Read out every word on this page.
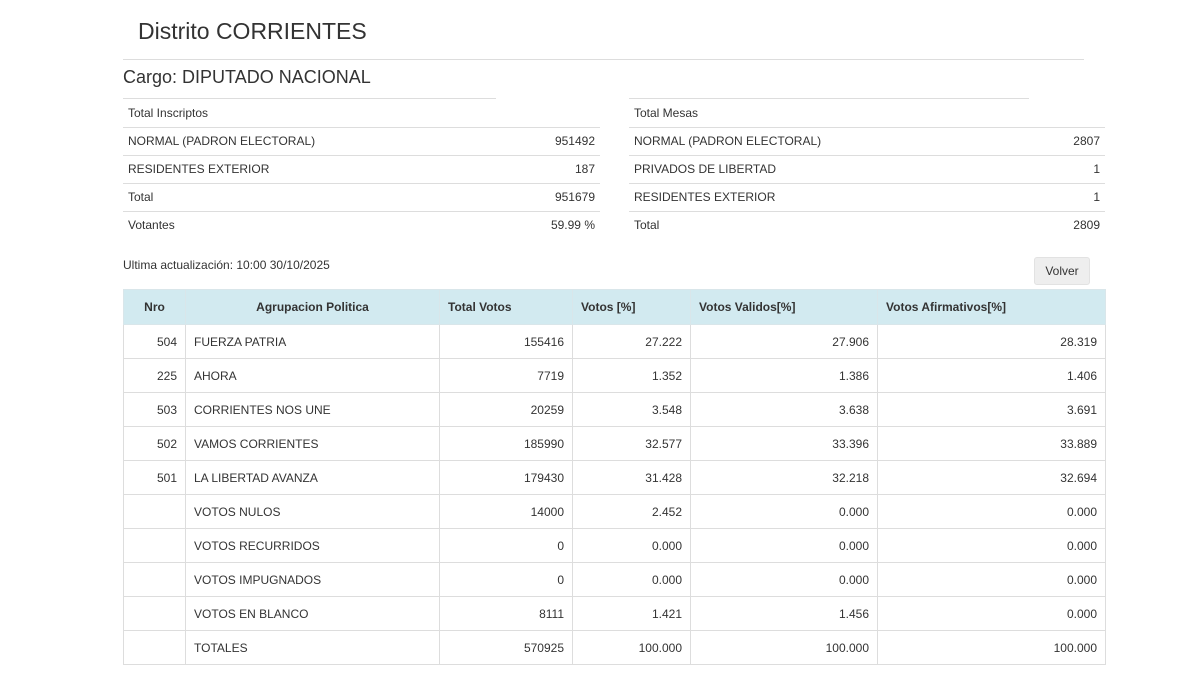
Distrito CORRIENTES
Cargo: DIPUTADO NACIONAL
Total Inscriptos
NORMAL (PADRON ELECTORAL)	951492
RESIDENTES EXTERIOR	187
Total	951679
Votantes	59.99 %
Total Mesas
NORMAL (PADRON ELECTORAL)	2807
PRIVADOS DE LIBERTAD	1
RESIDENTES EXTERIOR	1
Total	2809
Ultima actualización: 10:00 30/10/2025	Volver
Nro	Agrupacion Politica	Total Votos	Votos [%]	Votos Validos[%]	Votos Afirmativos[%]
504	FUERZA PATRIA	155416	27.222	27.906	28.319
225	AHORA	7719	1.352	1.386	1.406
503	CORRIENTES NOS UNE	20259	3.548	3.638	3.691
502	VAMOS CORRIENTES	185990	32.577	33.396	33.889
501	LA LIBERTAD AVANZA	179430	31.428	32.218	32.694
	VOTOS NULOS	14000	2.452	0.000	0.000
	VOTOS RECURRIDOS	0	0.000	0.000	0.000
	VOTOS IMPUGNADOS	0	0.000	0.000	0.000
	VOTOS EN BLANCO	8111	1.421	1.456	0.000
	TOTALES	570925	100.000	100.000	100.000
